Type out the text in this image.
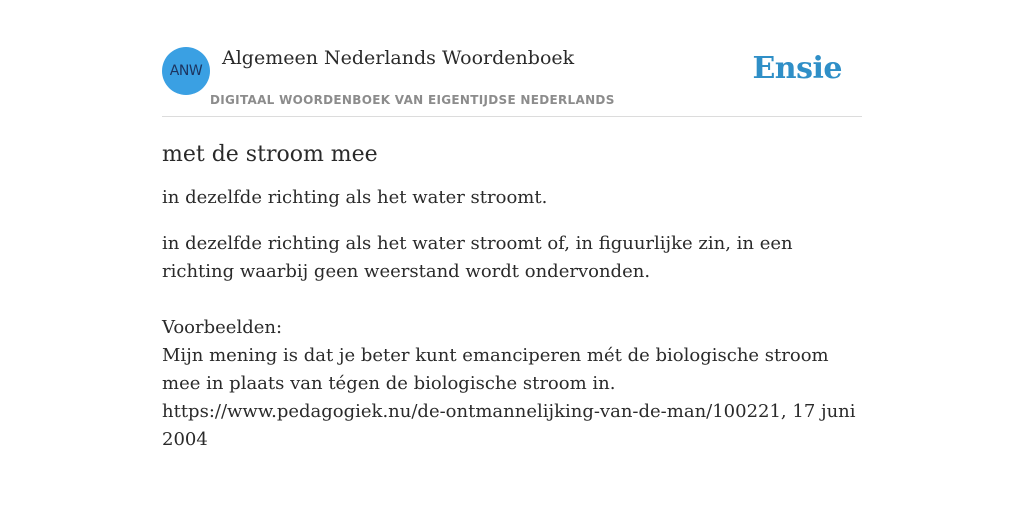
ANW
Algemeen Nederlands Woordenboek
DIGITAAL WOORDENBOEK VAN EIGENTIJDSE NEDERLANDS
Ensie
met de stroom mee

in dezelfde richting als het water stroomt.

in dezelfde richting als het water stroomt of, in figuurlijke zin, in een richting waarbij geen weerstand wordt ondervonden.

Voorbeelden:
Mijn mening is dat je beter kunt emanciperen mét de biologische stroom mee in plaats van tégen de biologische stroom in.
https://www.pedagogiek.nu/de-ontmannelijking-van-de-man/100221, 17 juni 2004
